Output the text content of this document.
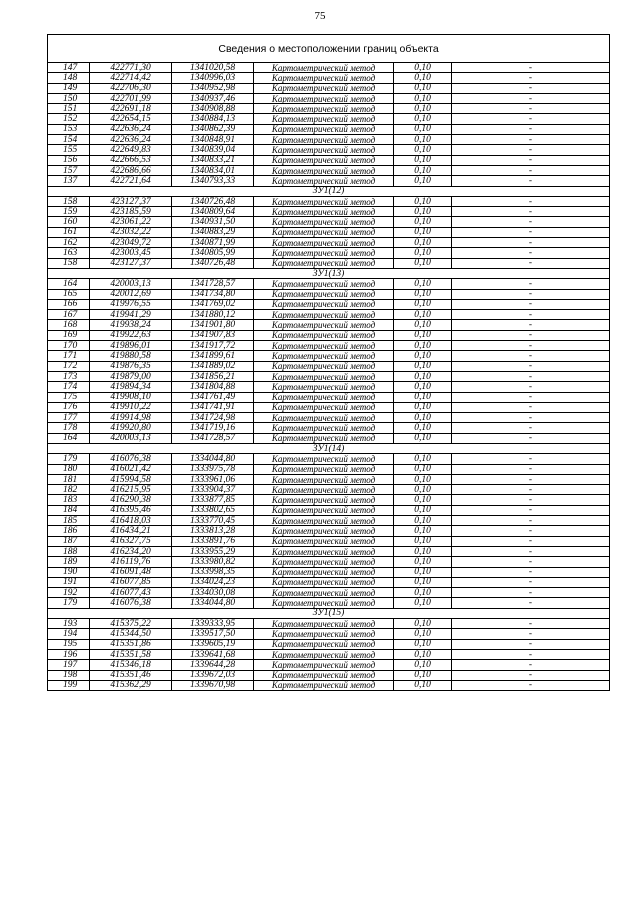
75
Сведения о местоположении границ объекта					
147	422771,30	1341020,58	Картометрический метод	0,10	-
148	422714,42	1340996,03	Картометрический метод	0,10	-
149	422706,30	1340952,98	Картометрический метод	0,10	-
150	422701,99	1340937,46	Картометрический метод	0,10	-
151	422691,18	1340908,88	Картометрический метод	0,10	-
152	422654,15	1340884,13	Картометрический метод	0,10	-
153	422636,24	1340862,39	Картометрический метод	0,10	-
154	422636,24	1340848,91	Картометрический метод	0,10	-
155	422649,83	1340839,04	Картометрический метод	0,10	-
156	422666,53	1340833,21	Картометрический метод	0,10	-
157	422686,66	1340834,01	Картометрический метод	0,10	-
137	422721,64	1340793,33	Картометрический метод	0,10	-
ЗУ1(12)					
158	423127,37	1340726,48	Картометрический метод	0,10	-
159	423185,59	1340809,64	Картометрический метод	0,10	-
160	423061,22	1340931,50	Картометрический метод	0,10	-
161	423032,22	1340883,29	Картометрический метод	0,10	-
162	423049,72	1340871,99	Картометрический метод	0,10	-
163	423003,45	1340805,99	Картометрический метод	0,10	-
158	423127,37	1340726,48	Картометрический метод	0,10	-
ЗУ1(13)					
164	420003,13	1341728,57	Картометрический метод	0,10	-
165	420012,69	1341734,80	Картометрический метод	0,10	-
166	419976,55	1341769,02	Картометрический метод	0,10	-
167	419941,29	1341880,12	Картометрический метод	0,10	-
168	419938,24	1341901,80	Картометрический метод	0,10	-
169	419922,63	1341907,83	Картометрический метод	0,10	-
170	419896,01	1341917,72	Картометрический метод	0,10	-
171	419880,58	1341899,61	Картометрический метод	0,10	-
172	419876,35	1341889,02	Картометрический метод	0,10	-
173	419879,00	1341856,21	Картометрический метод	0,10	-
174	419894,34	1341804,88	Картометрический метод	0,10	-
175	419908,10	1341761,49	Картометрический метод	0,10	-
176	419910,22	1341741,91	Картометрический метод	0,10	-
177	419914,98	1341724,98	Картометрический метод	0,10	-
178	419920,80	1341719,16	Картометрический метод	0,10	-
164	420003,13	1341728,57	Картометрический метод	0,10	-
ЗУ1(14)					
179	416076,38	1334044,80	Картометрический метод	0,10	-
180	416021,42	1333975,78	Картометрический метод	0,10	-
181	415994,58	1333961,06	Картометрический метод	0,10	-
182	416215,95	1333904,37	Картометрический метод	0,10	-
183	416290,38	1333877,85	Картометрический метод	0,10	-
184	416395,46	1333802,65	Картометрический метод	0,10	-
185	416418,03	1333770,45	Картометрический метод	0,10	-
186	416434,21	1333813,28	Картометрический метод	0,10	-
187	416327,75	1333891,76	Картометрический метод	0,10	-
188	416234,20	1333955,29	Картометрический метод	0,10	-
189	416119,76	1333980,82	Картометрический метод	0,10	-
190	416091,48	1333998,35	Картометрический метод	0,10	-
191	416077,85	1334024,23	Картометрический метод	0,10	-
192	416077,43	1334030,08	Картометрический метод	0,10	-
179	416076,38	1334044,80	Картометрический метод	0,10	-
ЗУ1(15)					
193	415375,22	1339333,95	Картометрический метод	0,10	-
194	415344,50	1339517,50	Картометрический метод	0,10	-
195	415351,86	1339605,19	Картометрический метод	0,10	-
196	415351,58	1339641,68	Картометрический метод	0,10	-
197	415346,18	1339644,28	Картометрический метод	0,10	-
198	415351,46	1339672,03	Картометрический метод	0,10	-
199	415362,29	1339670,98	Картометрический метод	0,10	-
